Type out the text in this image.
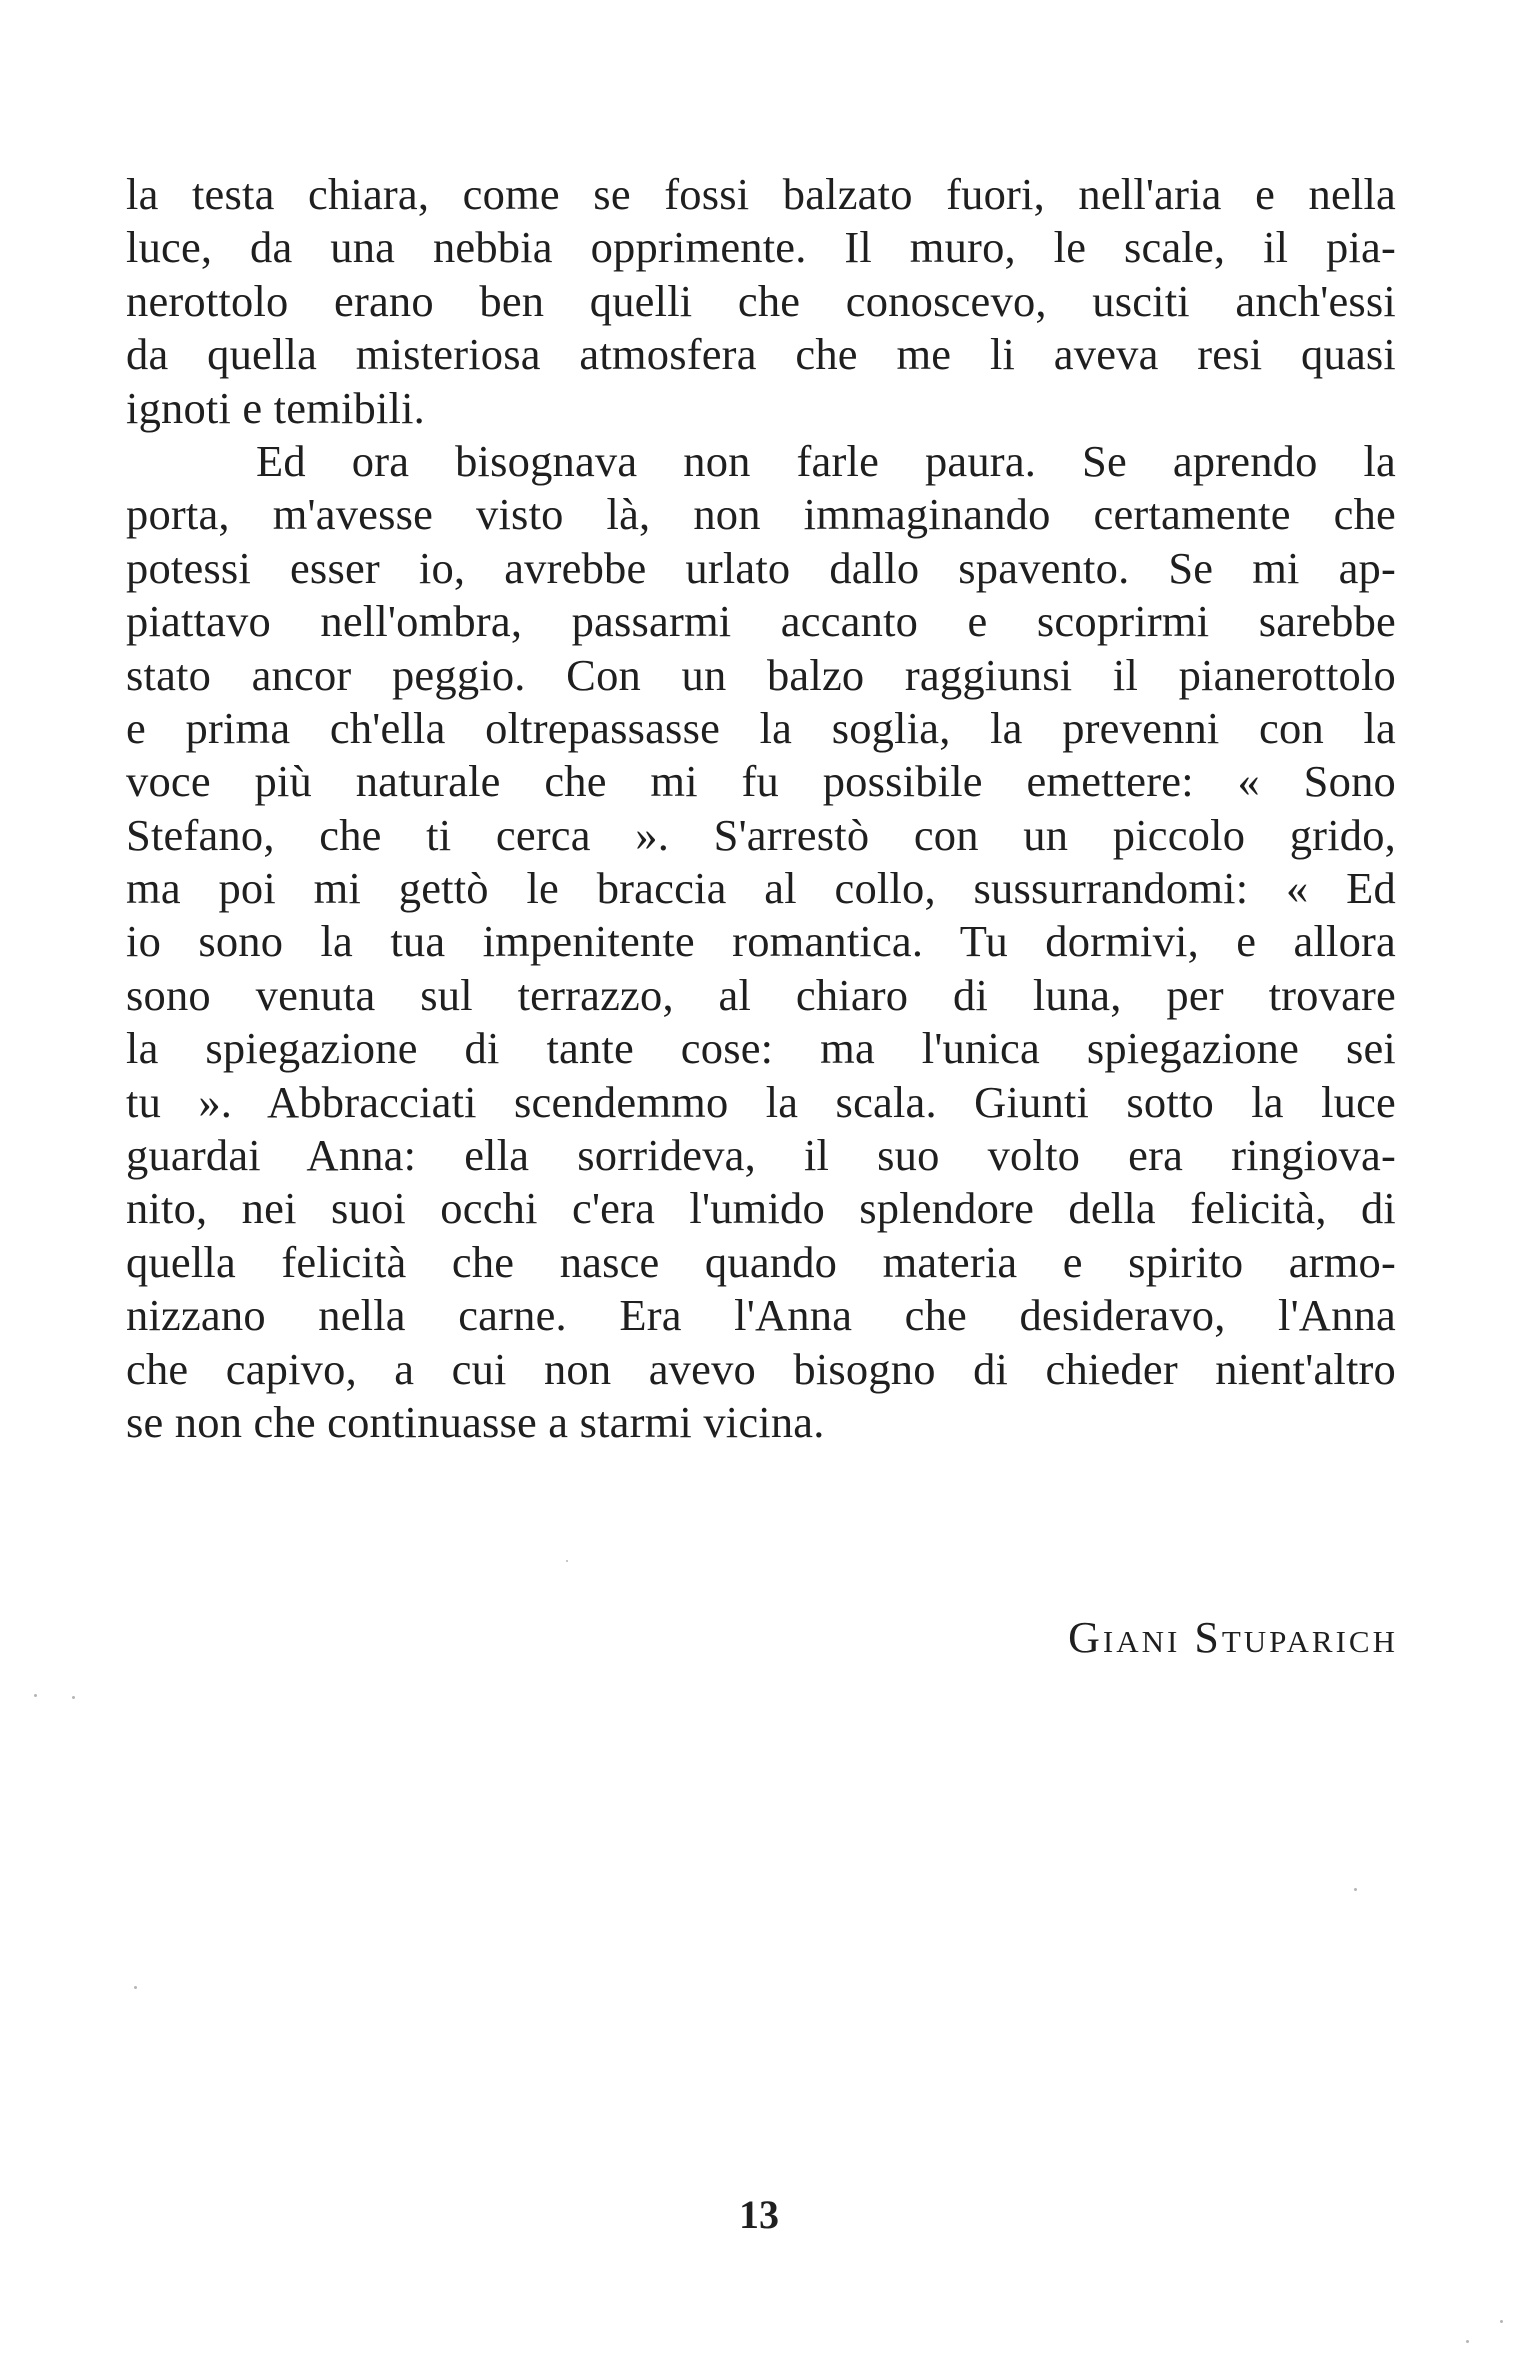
la testa chiara, come se fossi balzato fuori, nell'aria e nella
luce, da una nebbia opprimente. Il muro, le scale, il pia-
nerottolo erano ben quelli che conoscevo, usciti anch'essi
da quella misteriosa atmosfera che me li aveva resi quasi
ignoti e temibili.
Ed ora bisognava non farle paura. Se aprendo la
porta, m'avesse visto là, non immaginando certamente che
potessi esser io, avrebbe urlato dallo spavento. Se mi ap-
piattavo nell'ombra, passarmi accanto e scoprirmi sarebbe
stato ancor peggio. Con un balzo raggiunsi il pianerottolo
e prima ch'ella oltrepassasse la soglia, la prevenni con la
voce più naturale che mi fu possibile emettere: « Sono
Stefano, che ti cerca ». S'arrestò con un piccolo grido,
ma poi mi gettò le braccia al collo, sussurrandomi: « Ed
io sono la tua impenitente romantica. Tu dormivi, e allora
sono venuta sul terrazzo, al chiaro di luna, per trovare
la spiegazione di tante cose: ma l'unica spiegazione sei
tu ». Abbracciati scendemmo la scala. Giunti sotto la luce
guardai Anna: ella sorrideva, il suo volto era ringiova-
nito, nei suoi occhi c'era l'umido splendore della felicità, di
quella felicità che nasce quando materia e spirito armo-
nizzano nella carne. Era l'Anna che desideravo, l'Anna
che capivo, a cui non avevo bisogno di chieder nient'altro
se non che continuasse a starmi vicina.
Giani Stuparich
13
